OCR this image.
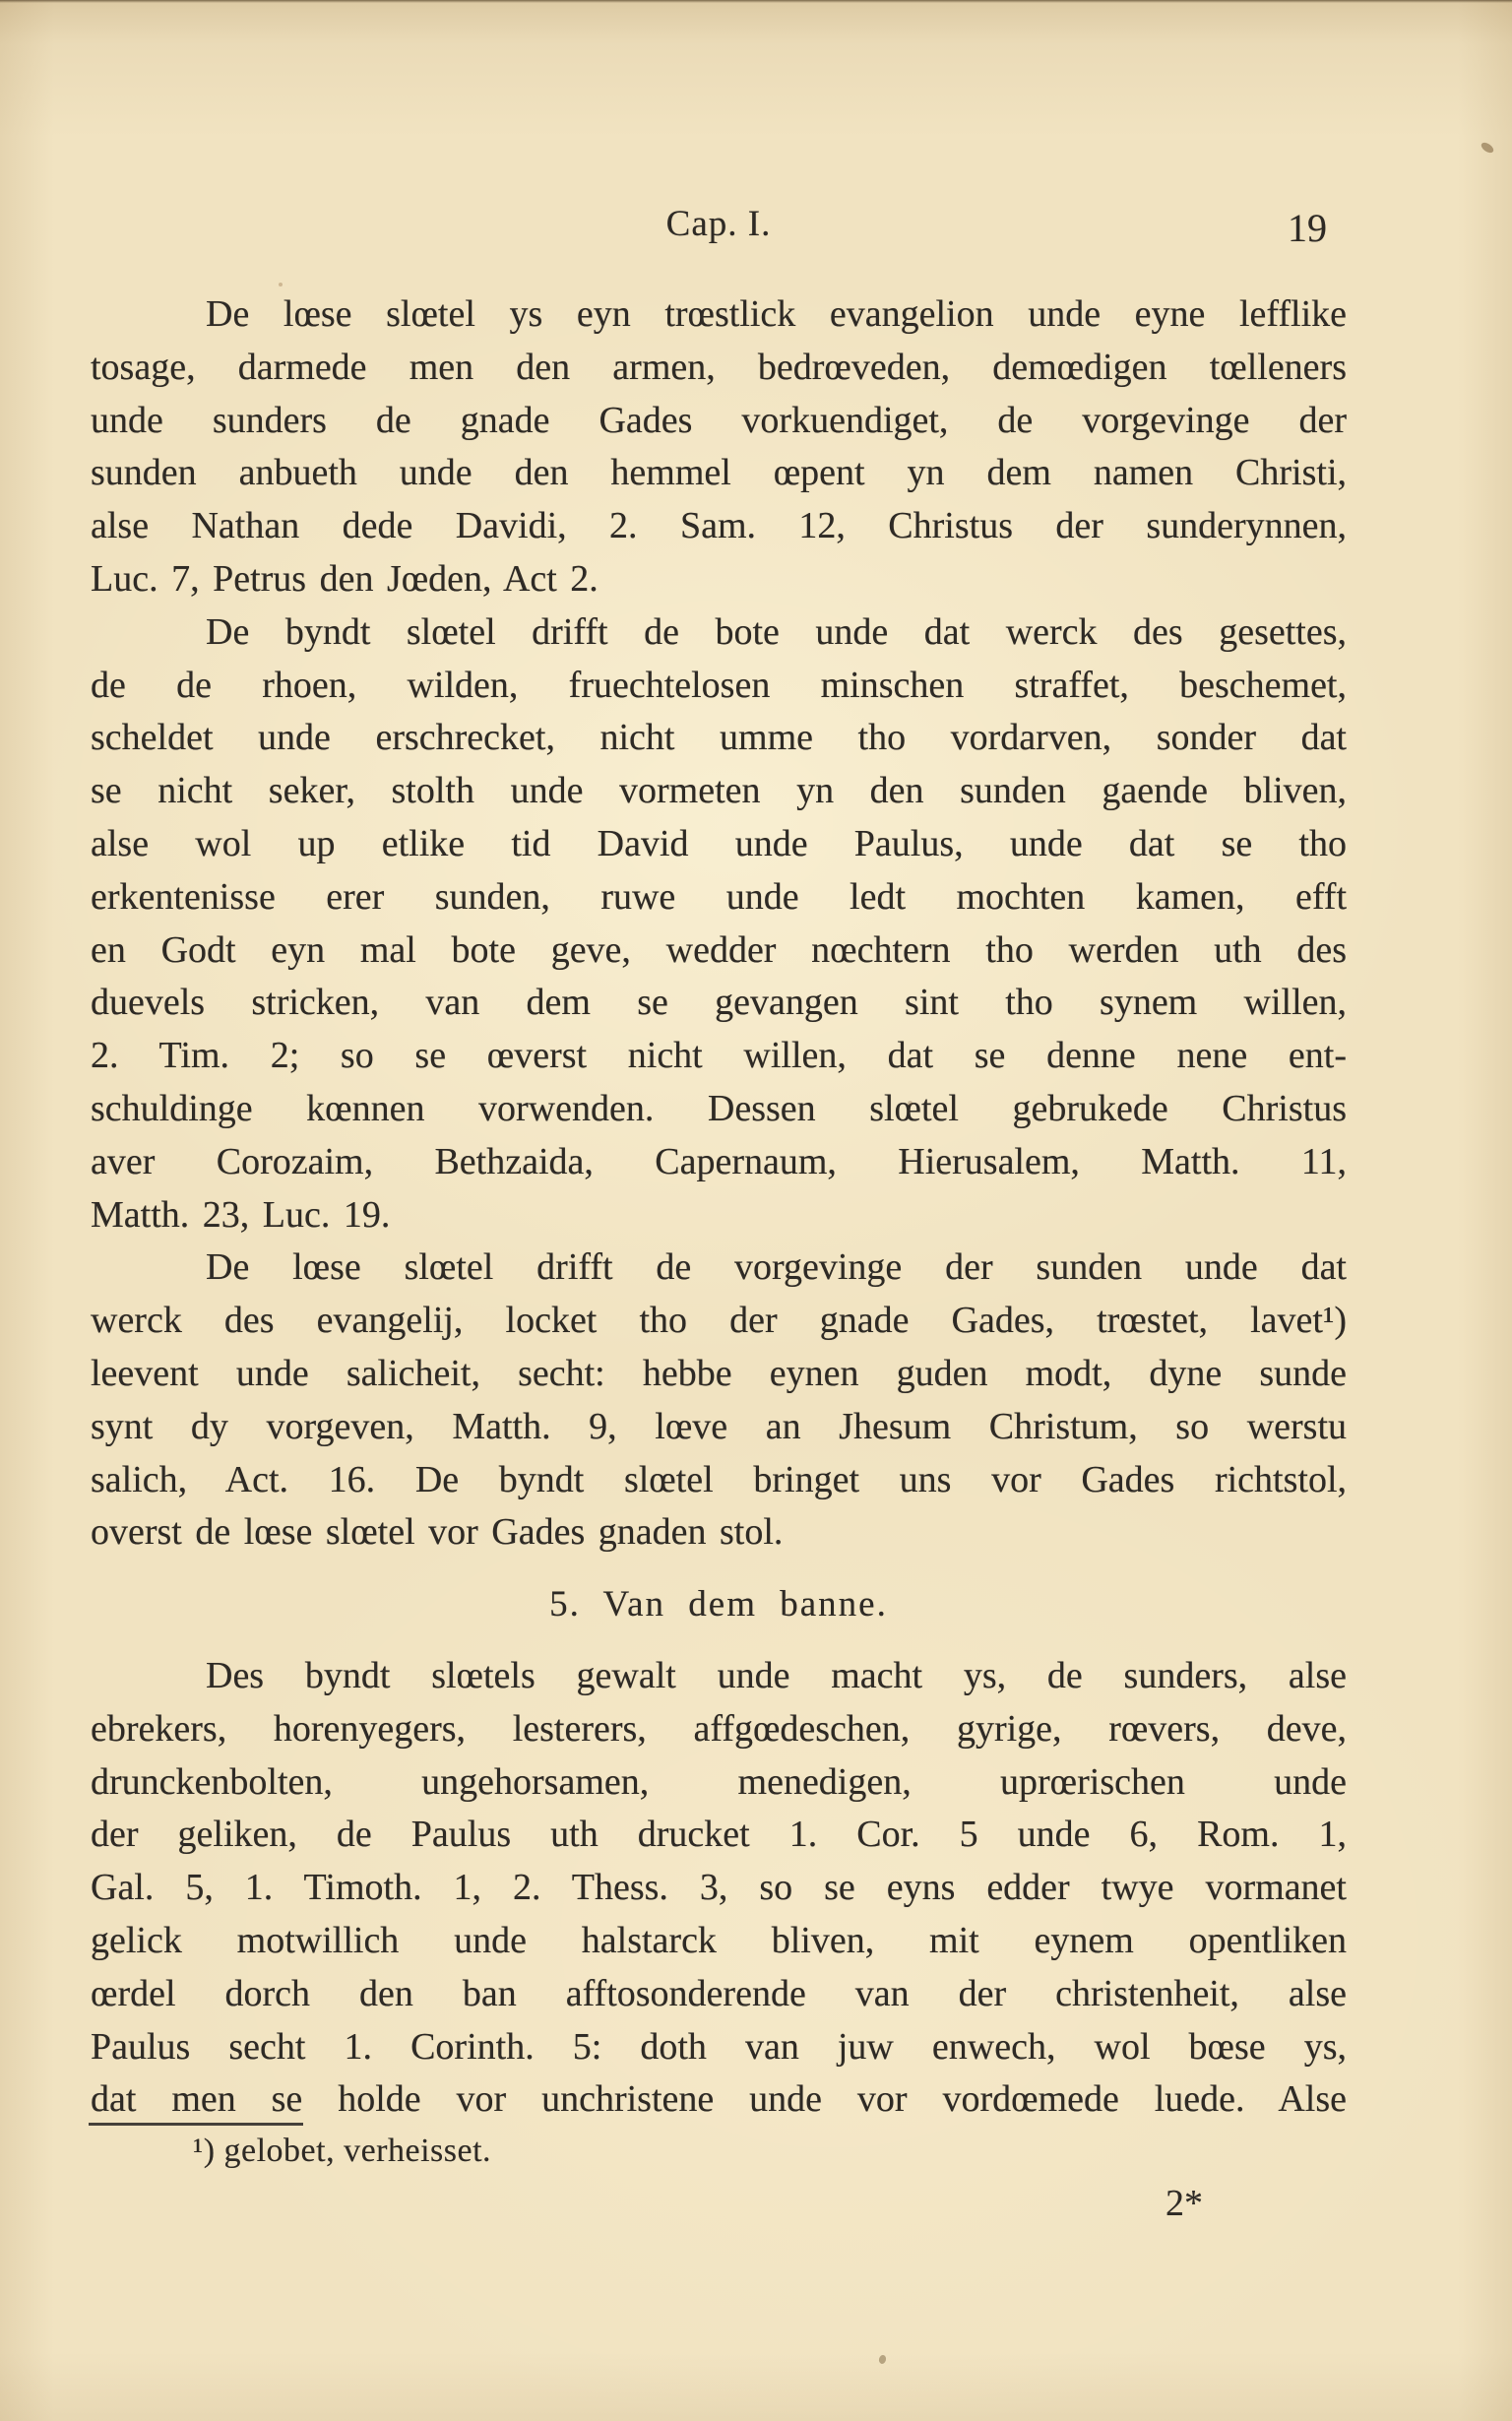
Cap. I.	19
De lœse slœtel ys eyn trœstlick evangelion unde eyne lefflike
tosage, darmede men den armen, bedrœveden, demœdigen tœlleners
unde sunders de gnade Gades vorkuendiget, de vorgevinge der
sunden anbueth unde den hemmel œpent yn dem namen Christi,
alse Nathan dede Davidi, 2. Sam. 12, Christus der sunderynnen,
Luc. 7, Petrus den Jœden, Act 2.
De byndt slœtel drifft de bote unde dat werck des gesettes,
de de rhoen, wilden, fruechtelosen minschen straffet, beschemet,
scheldet unde erschrecket, nicht umme tho vordarven, sonder dat
se nicht seker, stolth unde vormeten yn den sunden gaende bliven,
alse wol up etlike tid David unde Paulus, unde dat se tho
erkentenisse erer sunden, ruwe unde ledt mochten kamen, efft
en Godt eyn mal bote geve, wedder nœchtern tho werden uth des
duevels stricken, van dem se gevangen sint tho synem willen,
2. Tim. 2; so se œverst nicht willen, dat se denne nene ent-
schuldinge kœnnen vorwenden. Dessen slœtel gebrukede Christus
aver Corozaim, Bethzaida, Capernaum, Hierusalem, Matth. 11,
Matth. 23, Luc. 19.
De lœse slœtel drifft de vorgevinge der sunden unde dat
werck des evangelij, locket tho der gnade Gades, trœstet, lavet¹)
leevent unde salicheit, secht: hebbe eynen guden modt, dyne sunde
synt dy vorgeven, Matth. 9, lœve an Jhesum Christum, so werstu
salich, Act. 16. De byndt slœtel bringet uns vor Gades richtstol,
overst de lœse slœtel vor Gades gnaden stol.
5. Van dem banne.
Des byndt slœtels gewalt unde macht ys, de sunders, alse
ebrekers, horenyegers, lesterers, affgœdeschen, gyrige, rœvers, deve,
drunckenbolten, ungehorsamen, menedigen, uprœrischen unde
der geliken, de Paulus uth drucket 1. Cor. 5 unde 6, Rom. 1,
Gal. 5, 1. Timoth. 1, 2. Thess. 3, so se eyns edder twye vormanet
gelick motwillich unde halstarck bliven, mit eynem opentliken
œrdel dorch den ban afftosonderende van der christenheit, alse
Paulus secht 1. Corinth. 5: doth van juw enwech, wol bœse ys,
dat men se holde vor unchristene unde vor vordœmede luede. Alse
¹) gelobet, verheisset.
2*
